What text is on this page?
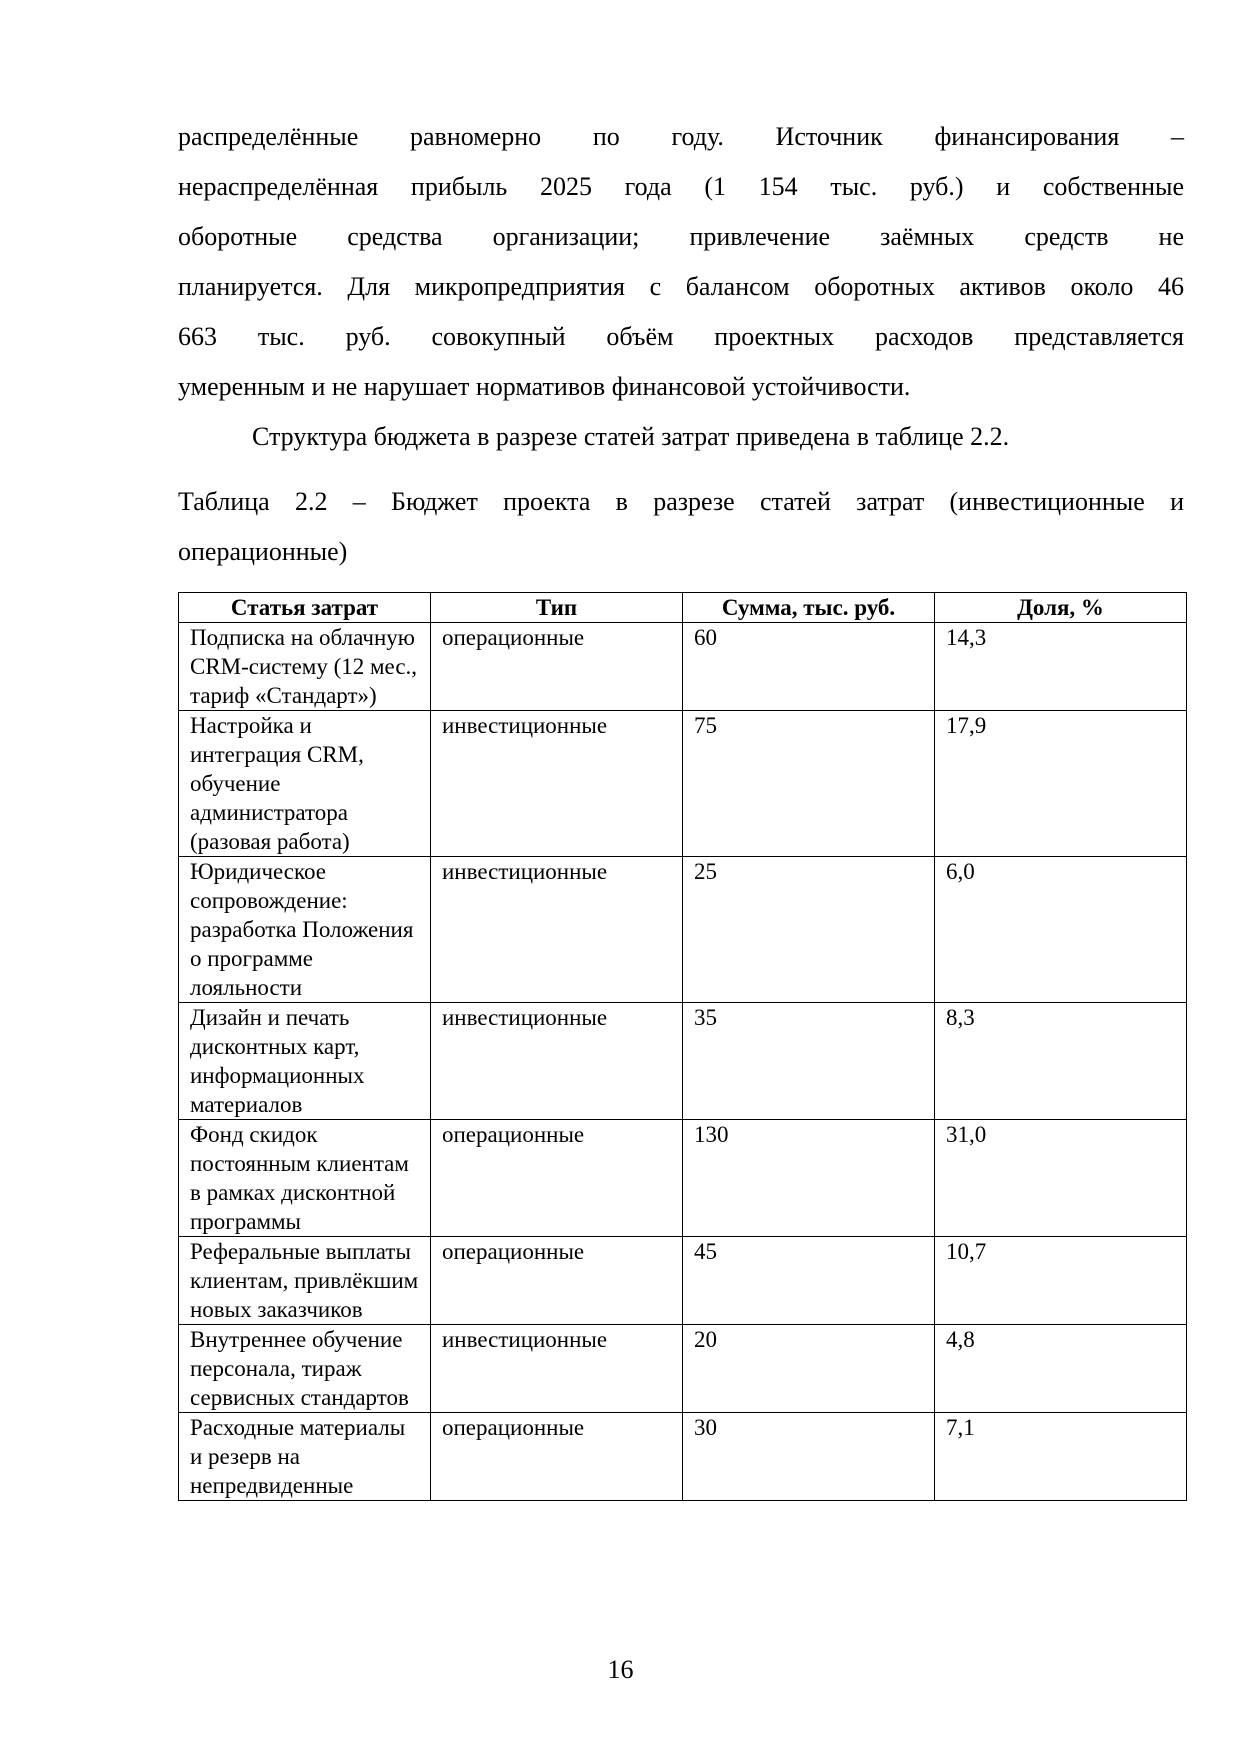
распределённые равномерно по году. Источник финансирования –
нераспределённая прибыль 2025 года (1 154 тыс. руб.) и собственные
оборотные средства организации; привлечение заёмных средств не
планируется. Для микропредприятия с балансом оборотных активов около 46
663 тыс. руб. совокупный объём проектных расходов представляется
умеренным и не нарушает нормативов финансовой устойчивости.
Структура бюджета в разрезе статей затрат приведена в таблице 2.2.
Таблица 2.2 – Бюджет проекта в разрезе статей затрат (инвестиционные и
операционные)
Статья затрат	Тип	Сумма, тыс. руб.	Доля, %
Подписка на облачную CRM-систему (12 мес., тариф «Стандарт»)	операционные	60	14,3
Настройка и интеграция CRM, обучение администратора (разовая работа)	инвестиционные	75	17,9
Юридическое сопровождение: разработка Положения о программе лояльности	инвестиционные	25	6,0
Дизайн и печать дисконтных карт, информационных материалов	инвестиционные	35	8,3
Фонд скидок постоянным клиентам в рамках дисконтной программы	операционные	130	31,0
Реферальные выплаты клиентам, привлёкшим новых заказчиков	операционные	45	10,7
Внутреннее обучение персонала, тираж сервисных стандартов	инвестиционные	20	4,8
Расходные материалы и резерв на непредвиденные	операционные	30	7,1
16
